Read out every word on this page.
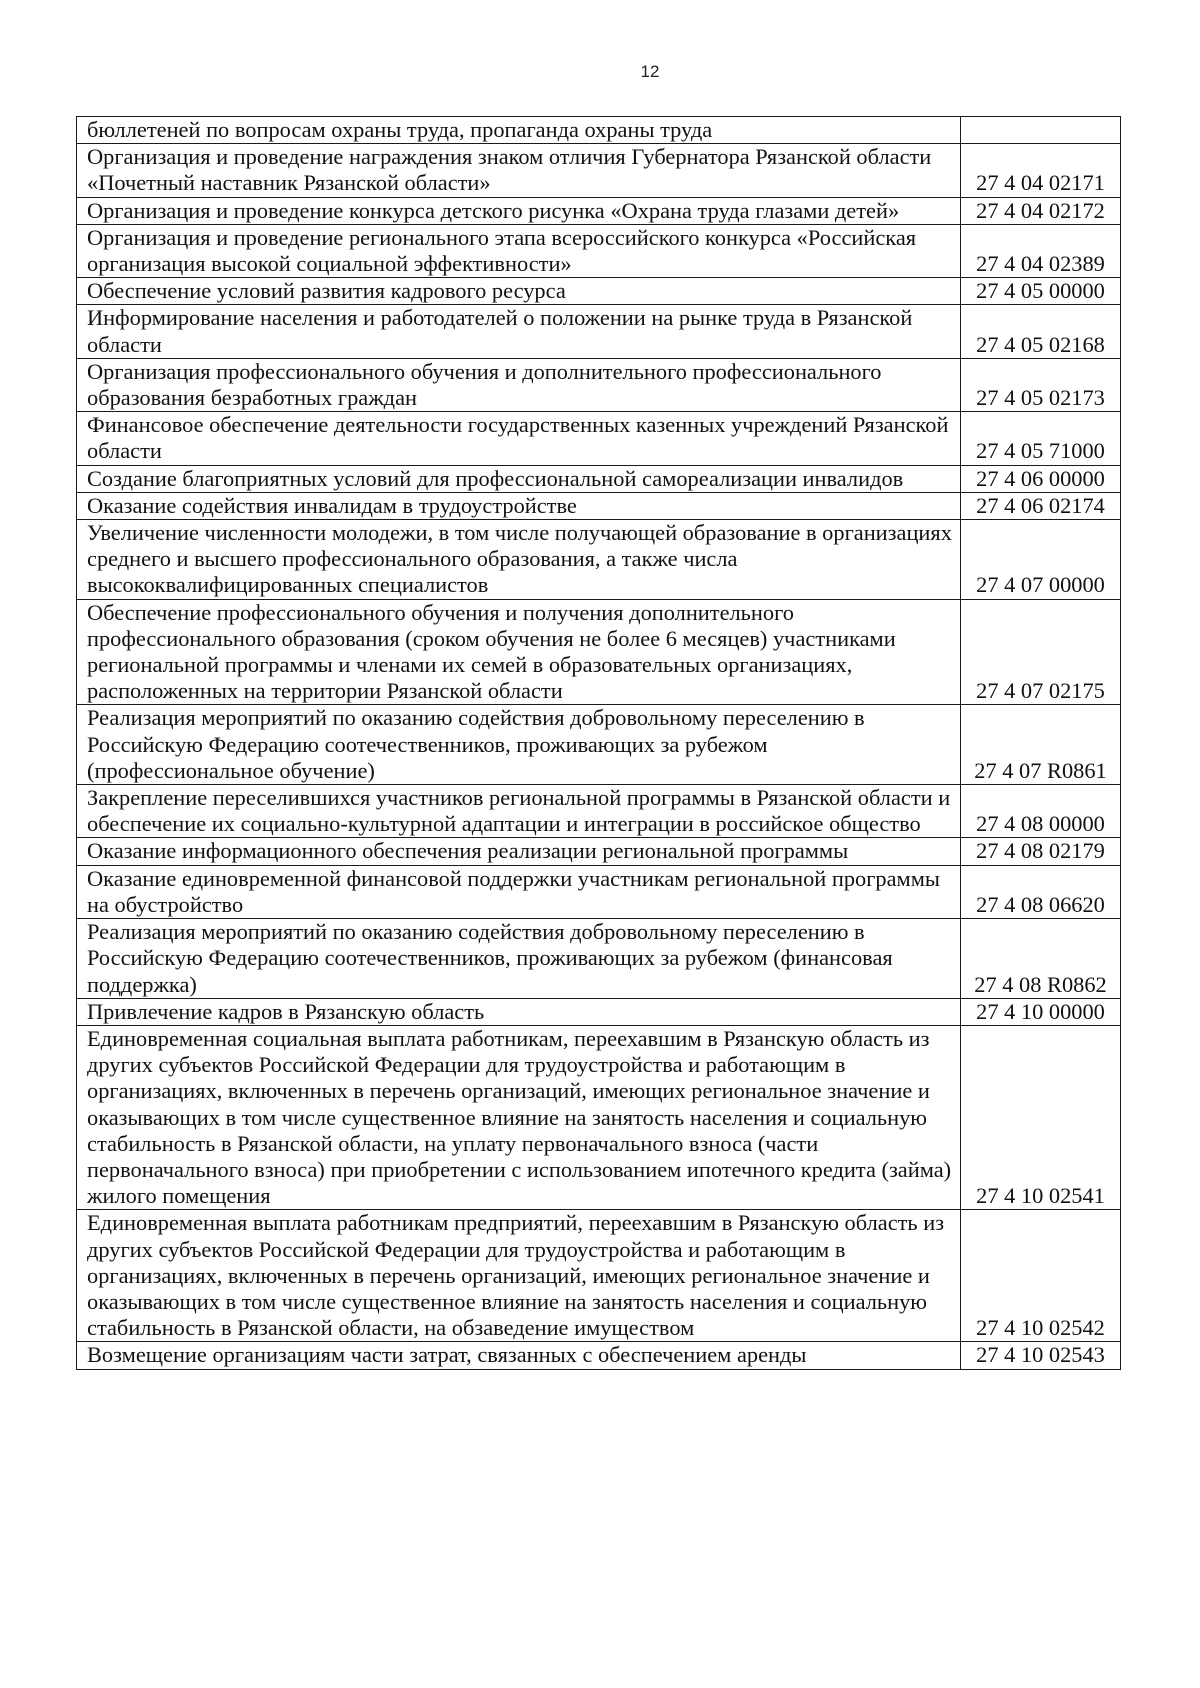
12
бюллетеней по вопросам охраны труда, пропаганда охраны труда	
Организация и проведение награждения знаком отличия Губернатора Рязанской области «Почетный наставник Рязанской области»	27 4 04 02171
Организация и проведение конкурса детского рисунка «Охрана труда глазами детей»	27 4 04 02172
Организация и проведение регионального этапа всероссийского конкурса «Российская организация высокой социальной эффективности»	27 4 04 02389
Обеспечение условий развития кадрового ресурса	27 4 05 00000
Информирование населения и работодателей о положении на рынке труда в Рязанской области	27 4 05 02168
Организация профессионального обучения и дополнительного профессионального образования безработных граждан	27 4 05 02173
Финансовое обеспечение деятельности государственных казенных учреждений Рязанской области	27 4 05 71000
Создание благоприятных условий для профессиональной самореализации инвалидов	27 4 06 00000
Оказание содействия инвалидам в трудоустройстве	27 4 06 02174
Увеличение численности молодежи, в том числе получающей образование в организациях среднего и высшего профессионального образования, а также числа высококвалифицированных специалистов	27 4 07 00000
Обеспечение профессионального обучения и получения дополнительного профессионального образования (сроком обучения не более 6 месяцев) участниками региональной программы и членами их семей в образовательных организациях, расположенных на территории Рязанской области	27 4 07 02175
Реализация мероприятий по оказанию содействия добровольному переселению в Российскую Федерацию соотечественников, проживающих за рубежом (профессиональное обучение)	27 4 07 R0861
Закрепление переселившихся участников региональной программы в Рязанской области и обеспечение их социально-культурной адаптации и интеграции в российское общество	27 4 08 00000
Оказание информационного обеспечения реализации региональной программы	27 4 08 02179
Оказание единовременной финансовой поддержки участникам региональной программы на обустройство	27 4 08 06620
Реализация мероприятий по оказанию содействия добровольному переселению в Российскую Федерацию соотечественников, проживающих за рубежом (финансовая поддержка)	27 4 08 R0862
Привлечение кадров в Рязанскую область	27 4 10 00000
Единовременная социальная выплата работникам, переехавшим в Рязанскую область из других субъектов Российской Федерации для трудоустройства и работающим в организациях, включенных в перечень организаций, имеющих региональное значение и оказывающих в том числе существенное влияние на занятость населения и социальную стабильность в Рязанской области, на уплату первоначального взноса (части первоначального взноса) при приобретении с использованием ипотечного кредита (займа) жилого помещения	27 4 10 02541
Единовременная выплата работникам предприятий, переехавшим в Рязанскую область из других субъектов Российской Федерации для трудоустройства и работающим в организациях, включенных в перечень организаций, имеющих региональное значение и оказывающих в том числе существенное влияние на занятость населения и социальную стабильность в Рязанской области, на обзаведение имуществом	27 4 10 02542
Возмещение организациям части затрат, связанных с обеспечением аренды	27 4 10 02543
